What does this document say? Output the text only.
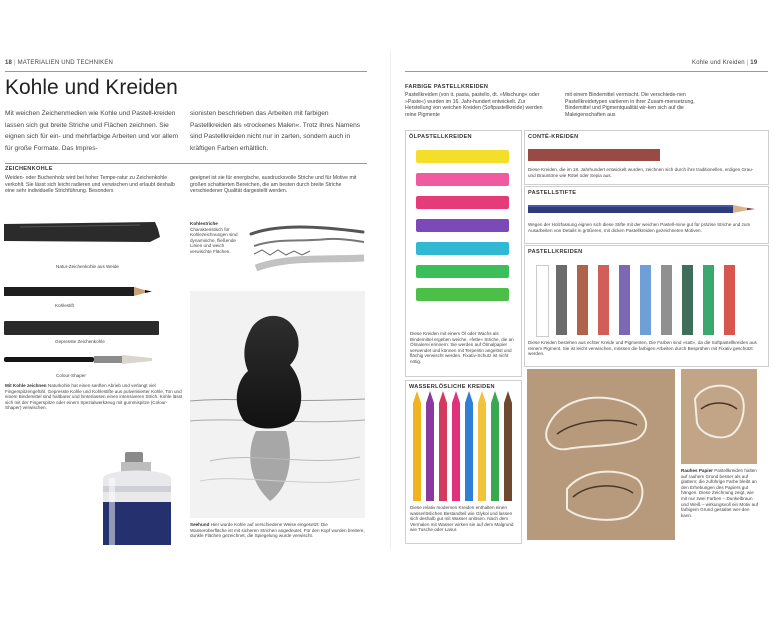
18 | MATERIALIEN UND TECHNIKEN
Kohle und Kreiden
Mit weichen Zeichenmedien wie Kohle und Pastell-kreiden lassen sich gut breite Striche und Flächen zeichnen. Sie eignen sich für ein- und mehrfarbige Arbeiten und vor allem für große Formate. Das Impres-
sionisten beschrieben das Arbeiten mit farbigen Pastellkreiden als »trockenes Malen«. Trotz ihres Namens sind Pastellkreiden nicht nur in zarten, sondern auch in kräftigen Farben erhältlich.
ZEICHENKOHLE
Weiden- oder Buchenholz wird bei hoher Tempe-ratur zu Zeichenkohle verkohlt. Sie lässt sich leicht radieren und verwischen und erlaubt deshalb eine sehr individuelle Strichführung. Besonders
geeignet ist sie für energische, ausdrucksvolle Striche und für Motive mit großen schattierten Bereichen, die am besten durch breite Striche verschiedener Qualität dargestellt werden.
Natur-Zeichenkohle aus Weide
Kohlestift
Gepresste Zeichenkohle
Colour-Shaper
Kohlestriche
Charakteristisch für Kohlezeichnungen sind dynamische, fließende Linien und weich verwischte Flächen.
Seehund Hier wurde Kohle auf verschiedene Weise eingesetzt: Die Wasseroberfläche ist mit sicheren Strichen angedeutet. Für den Kopf wurden breitere, dunkle Flächen gezeichnet, die Spiegelung wurde verwischt.
Mit Kohle zeichnen Naturkohle hat einen sanften Abrieb und verlangt viel Fingerspitzengefühl. Gepresste Kohle und Kohlestifte aus pulverisierter Kohle, Ton und einem Bindemittel sind haltbarer und hinterlassen einen intensiveren Strich. Kohle lässt sich mit der Fingerspitze oder einem Spezialwerkzeug mit gummispitze (Colour-Shaper) verwischen.
Kohle und Kreiden | 19
FARBIGE PASTELLKREIDEN
Pastellkreiden (von it. pasta, pastello, dt. »Mischung« oder »Paste«) wurden im 16. Jahr-hundert entwickelt. Zur Herstellung von weichen Kreiden (Softpastellkreide) werden reine Pigmente
mit einem Bindemittel vermischt. Die verschiede-nen Pastellkreidetypen variieren in ihrer Zusam-mensetzung, Bindemittel und Pigmentqualität wir-ken sich auf die Maleigenschaften aus
ÖLPASTELLKREIDEN
Diese Kreiden mit einem Öl oder Wachs als Bindemittel ergeben weiche, »fette« Striche, die an Ölmalerei erinnern. Sie werden auf Ölmalpapier verwendet und können mit Terpentin angelöst und flächig verwischt werden. Fixativ-Schutz ist nicht nötig.
WASSERLÖSLICHE KREIDEN
Diese relativ modernen Kreiden enthalten einen wasserlöslichen Bestandteil wie Glykol und lassen sich deshalb gut mit Wasser anlösen. Nach dem Vermalen mit Wasser wirken sie auf dem Malgrund wie Tusche oder Lasur.
CONTÉ-KREIDEN
Diese Kreiden, die im 18. Jahrhundert entwickelt wurden, zeichnen sich durch ihre traditionellen, erdigen Grau- und Brauntöne wie Rötel oder Sepia aus.
PASTELLSTIFTE
Wegen der Holzfassung eignen sich diese Stifte mit der weichen Pastell-mine gut für präzise Striche und zum Ausarbeiten von Details in größeren, mit dicken Pastellkreiden gezeichneten Motiven.
PASTELLKREIDEN
Diese Kreiden bestehen aus echter Kreide und Pigmenten. Die Farben sind »satt«, da die Softpastellkreiden aus reinem Pigment. Sie ist leicht verwischen, müssen die farbigen Arbeiten durch Besprühen mit Fixativ geschützt werden.
Rauhes Papier Pastellkreiden halten auf rauhem Grund besser als auf glattem; die zuführige Farbe bleibt an den Erhebungen des Papiers gut hängen. Diese Zeichnung zeigt, wie mit nur zwei Farben – Dunkelbraun und Weiß – wirkungsvoll ein Motiv auf farbigem Grund gestaltet wer-den kann.
